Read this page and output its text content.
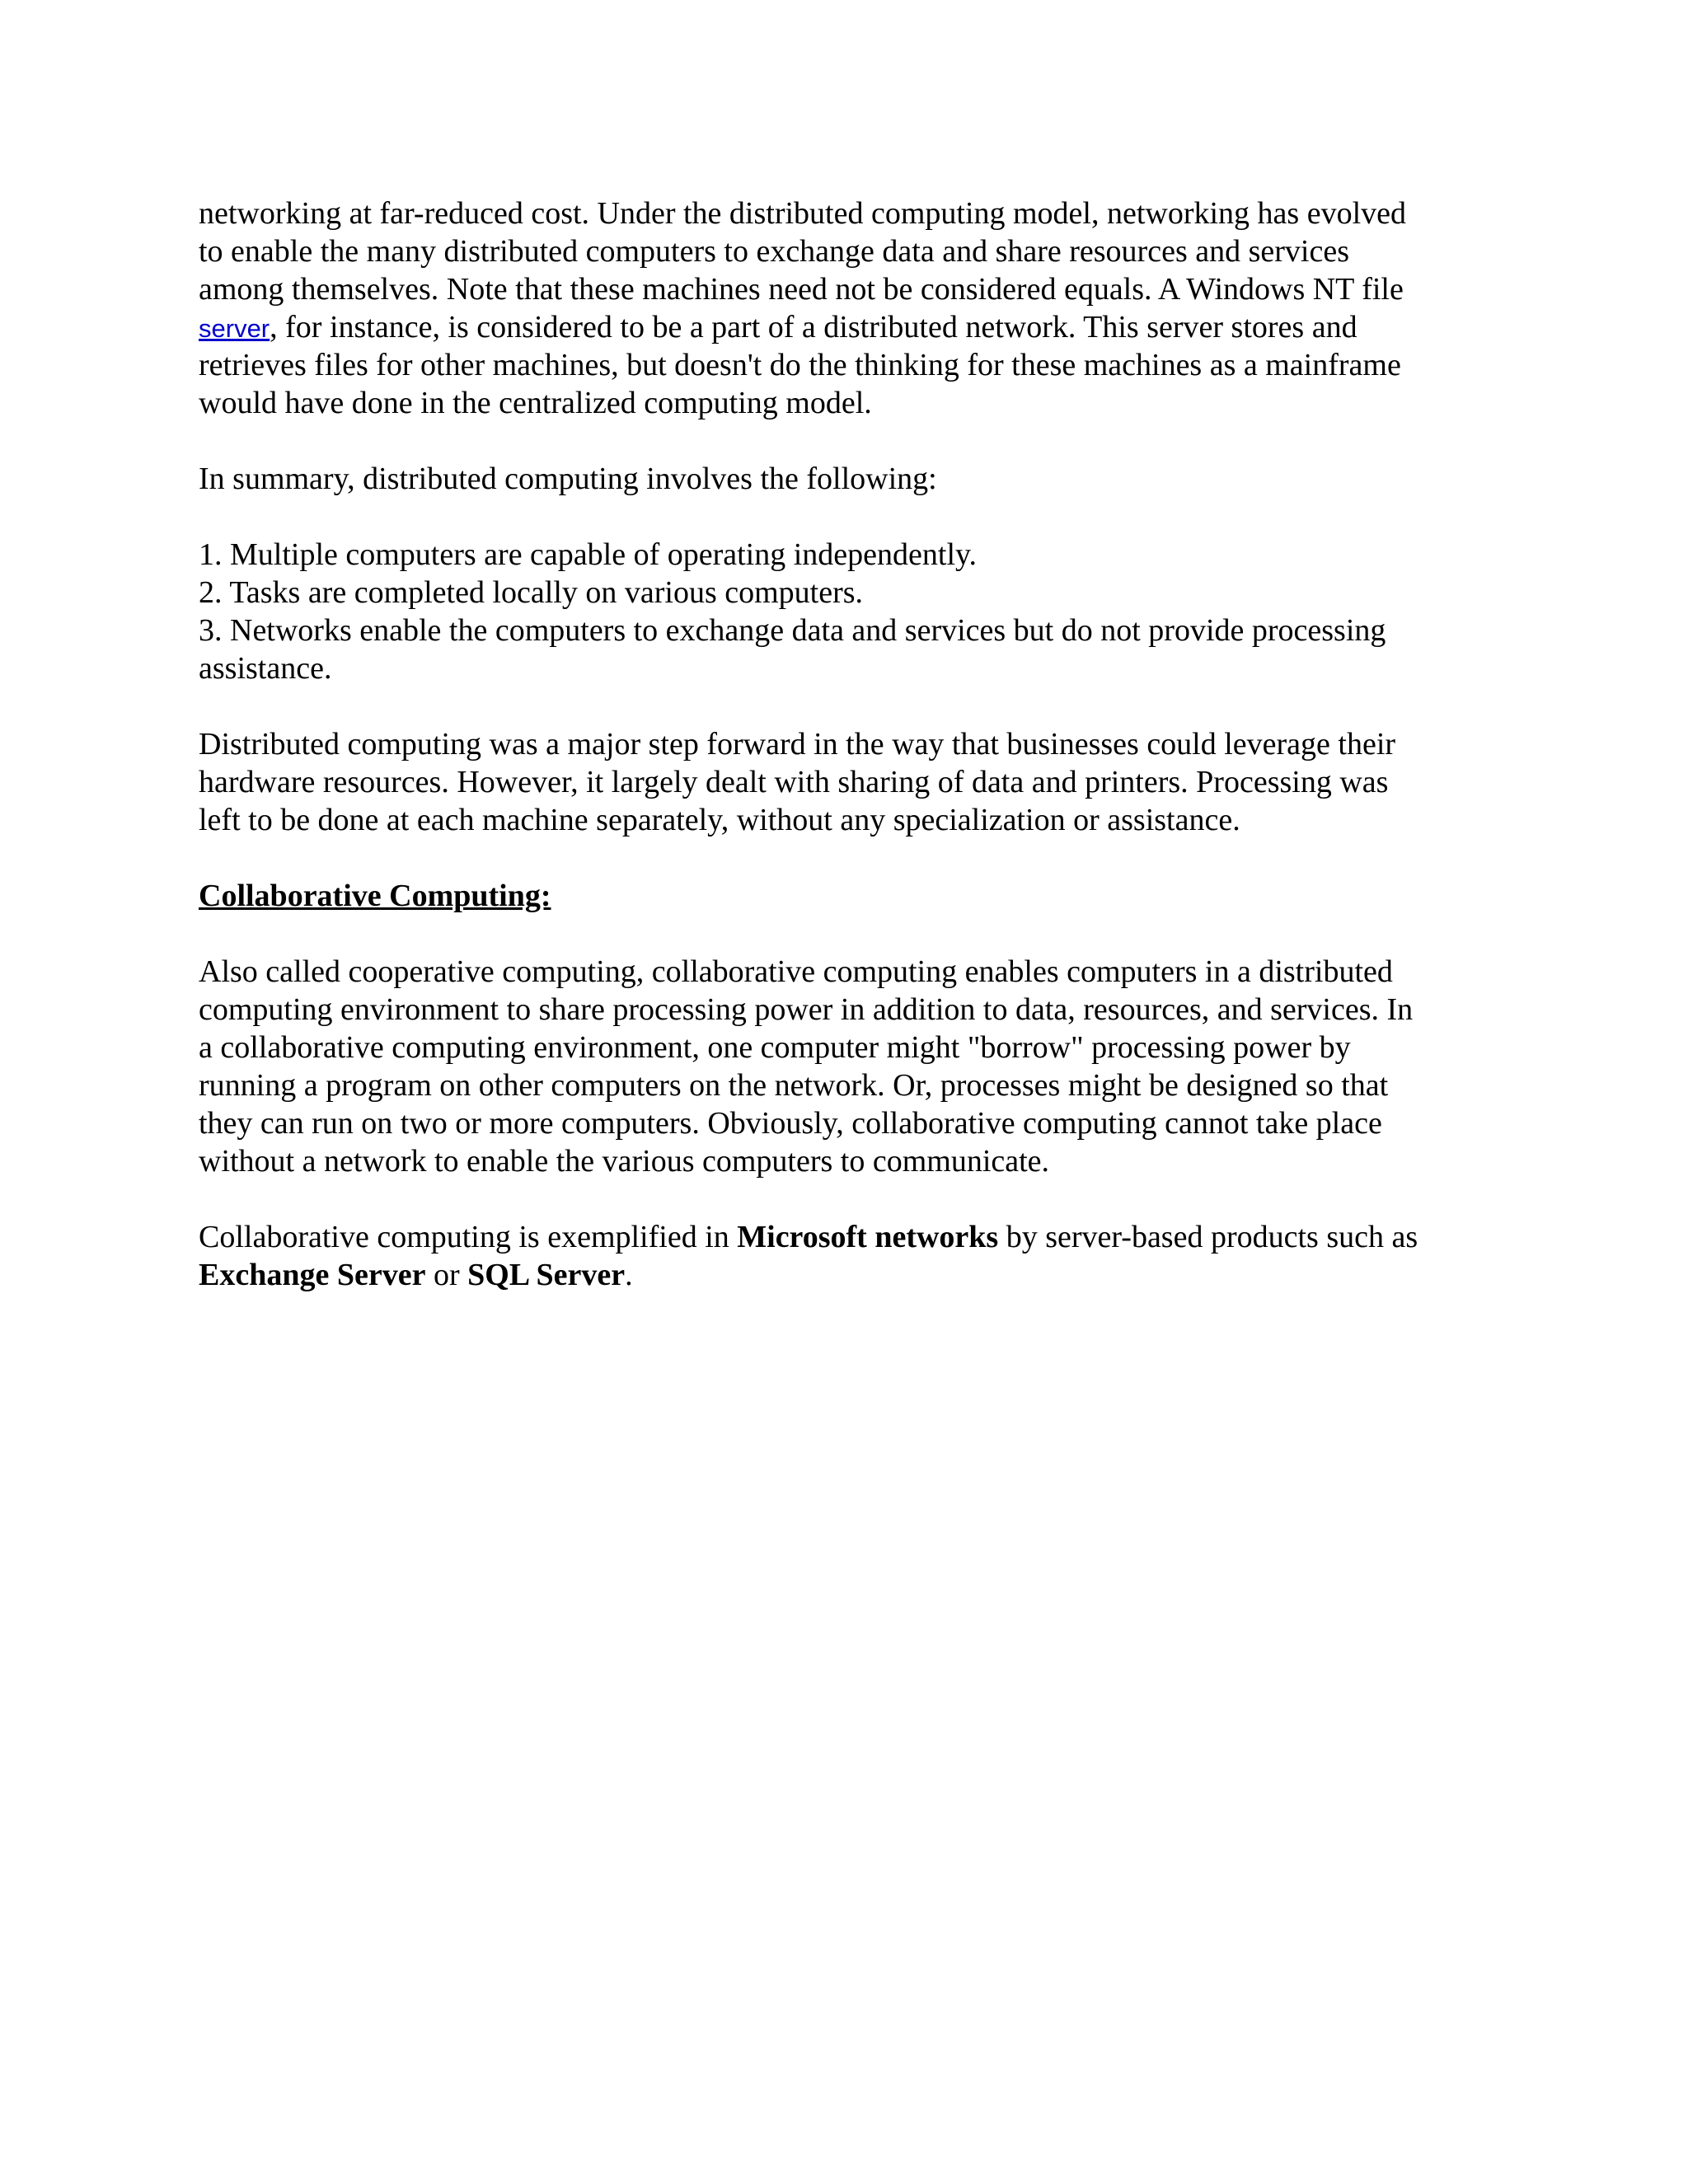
networking at far-reduced cost. Under the distributed computing model, networking has evolved
to enable the many distributed computers to exchange data and share resources and services
among themselves. Note that these machines need not be considered equals. A Windows NT file
server, for instance, is considered to be a part of a distributed network. This server stores and
retrieves files for other machines, but doesn't do the thinking for these machines as a mainframe
would have done in the centralized computing model.
In summary, distributed computing involves the following:
1. Multiple computers are capable of operating independently.
2. Tasks are completed locally on various computers.
3. Networks enable the computers to exchange data and services but do not provide processing
assistance.
Distributed computing was a major step forward in the way that businesses could leverage their
hardware resources. However, it largely dealt with sharing of data and printers. Processing was
left to be done at each machine separately, without any specialization or assistance.
Collaborative Computing:
Also called cooperative computing, collaborative computing enables computers in a distributed
computing environment to share processing power in addition to data, resources, and services. In
a collaborative computing environment, one computer might "borrow" processing power by
running a program on other computers on the network. Or, processes might be designed so that
they can run on two or more computers. Obviously, collaborative computing cannot take place
without a network to enable the various computers to communicate.
Collaborative computing is exemplified in Microsoft networks by server-based products such as
Exchange Server or SQL Server.
